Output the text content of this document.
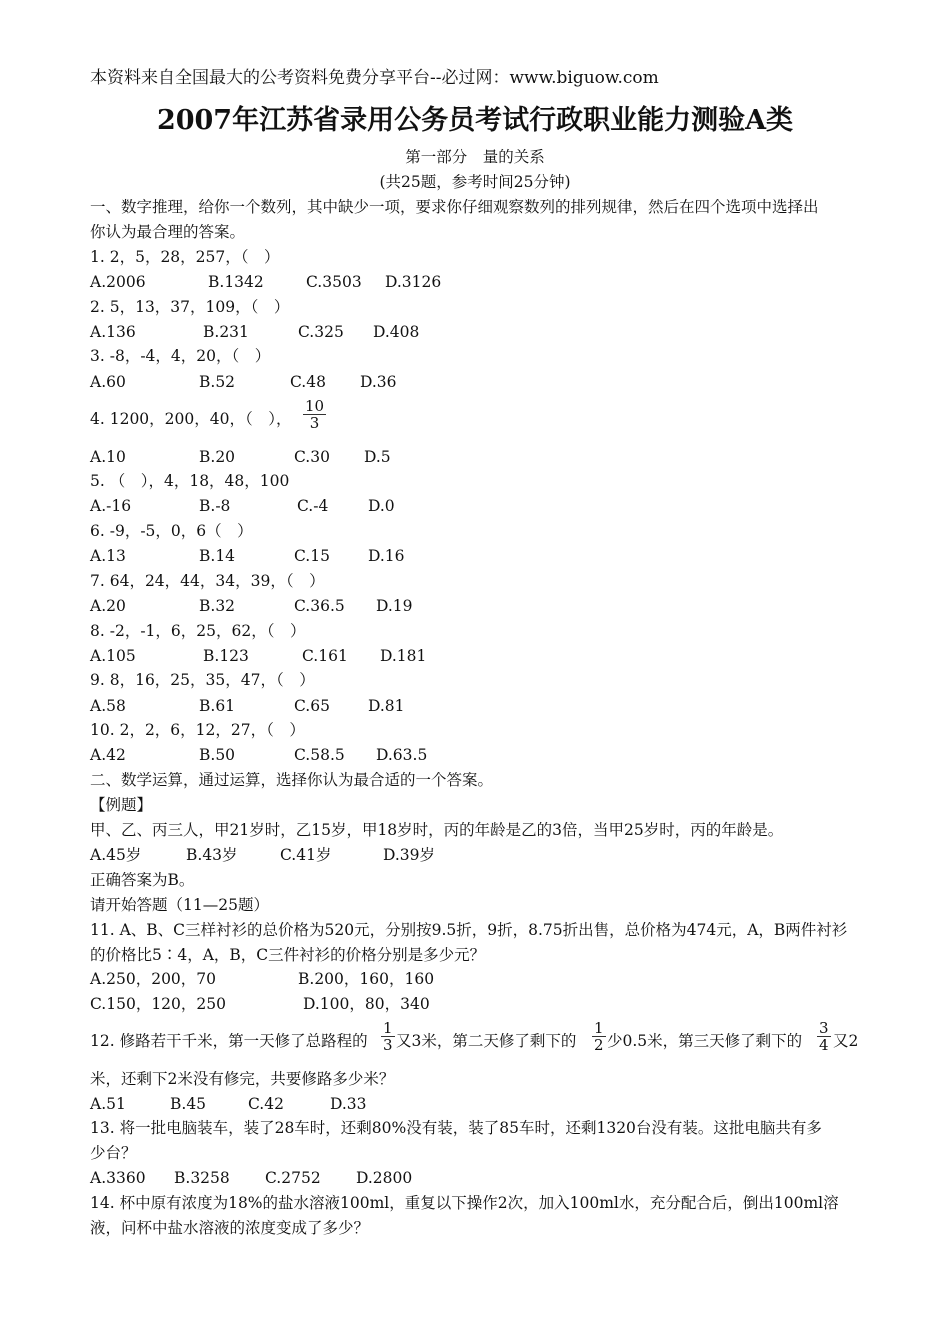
本资料来自全国最大的公考资料免费分享平台--必过网：www.biguow.com
2007年江苏省录用公务员考试行政职业能力测验A类
第一部分　量的关系
(共25题，参考时间25分钟)
一、数字推理，给你一个数列，其中缺少一项，要求你仔细观察数列的排列规律，然后在四个选项中选择出
你认为最合理的答案。
1. 2，5，28，257，（　）
A.2006	B.1342	C.3503 D.3126
2. 5，13，37，109，（　）
A.136	B.231	C.325 D.408
3. -8，-4，4，20，（　）
A.60	B.52	C.48 D.36
4. 1200，200，40，（　）， $\frac{10}{3}$
A.10	B.20	C.30 D.5
5. （　），4，18，48，100
A.-16	B.-8	C.-4	D.0
6. -9，-5，0，6（　）
A.13	B.14	C.15 D.16
7. 64，24，44，34，39，（　）
A.20	B.32	C.36.5 D.19
8. -2，-1，6，25，62，（　）
A.105	B.123	C.161 D.181
9. 8，16，25，35，47，（　）
A.58	B.61	C.65 D.81
10. 2，2，6，12，27，（　）
A.42	B.50	C.58.5 D.63.5
二、数学运算，通过运算，选择你认为最合适的一个答案。
【例题】
甲、乙、丙三人，甲21岁时，乙15岁，甲18岁时，丙的年龄是乙的3倍，当甲25岁时，丙的年龄是。
A.45岁	B.43岁	C.41岁	D.39岁
正确答案为B。
请开始答题（11—25题）
11. A、B、C三样衬衫的总价格为520元，分别按9.5折，9折，8.75折出售，总价格为474元，A，B两件衬衫
的价格比5∶4，A，B，C三件衬衫的价格分别是多少元？
A.250，200，70	B.200，160，160
C.150，120，250	D.100，80，340
12. 修路若干千米，第一天修了总路程的 $\frac{1}{3}$ 又3米，第二天修了剩下的 $\frac{1}{2}$ 少0.5米，第三天修了剩下的 $\frac{3}{4}$ 又2
米，还剩下2米没有修完，共要修路多少米？
A.51	B.45	C.42	D.33
13. 将一批电脑装车，装了28车时，还剩80%没有装，装了85车时，还剩1320台没有装。这批电脑共有多
少台？
A.3360 B.3258 C.2752 D.2800
14. 杯中原有浓度为18%的盐水溶液100ml，重复以下操作2次，加入100ml水，充分配合后，倒出100ml溶
液，问杯中盐水溶液的浓度变成了多少？
